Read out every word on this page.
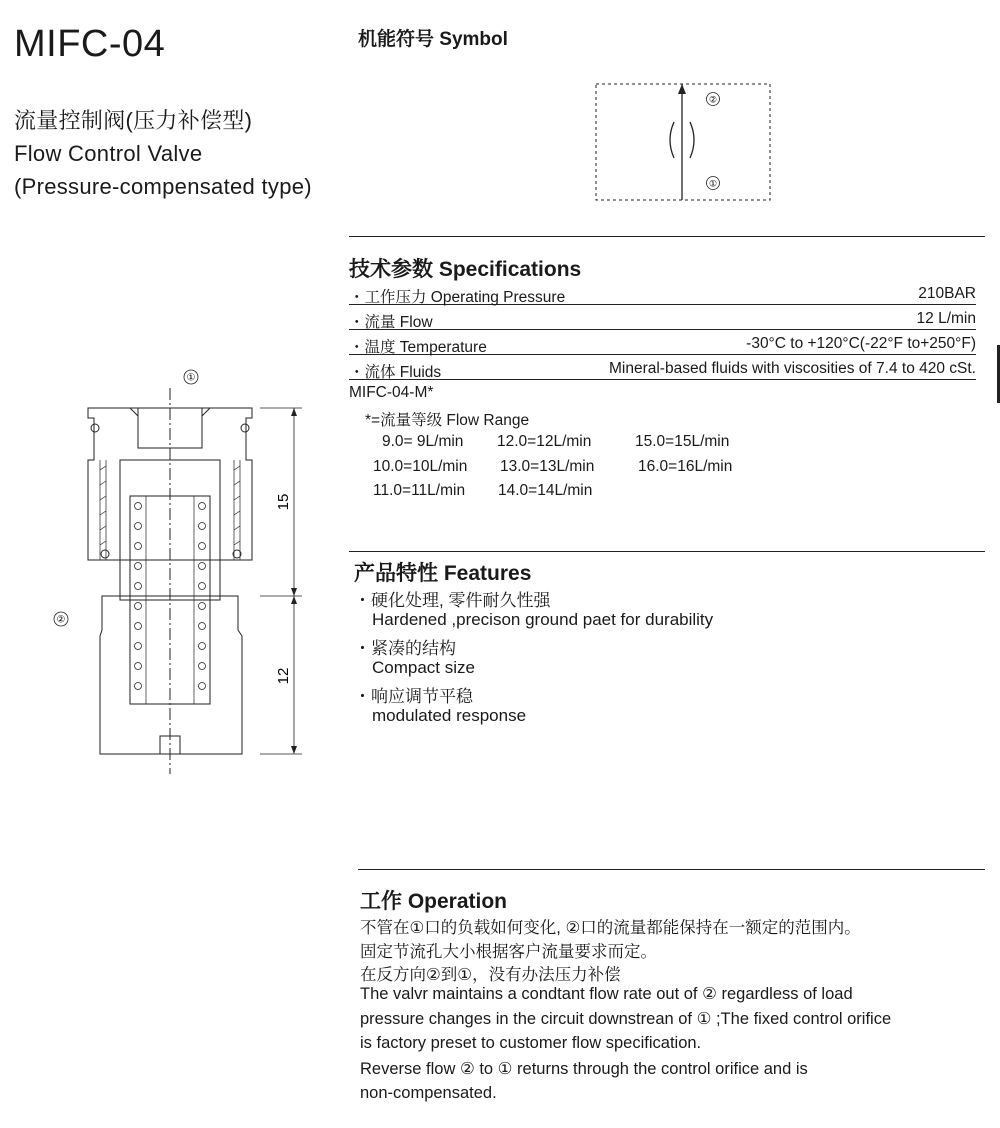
MIFC-04
流量控制阀(压力补偿型)
Flow Control Valve
(Pressure-compensated type)
机能符号 Symbol
②
①
①
②
15
12
技术参数 Specifications
・工作压力 Operating Pressure	210BAR
・流量 Flow	12 L/min
・温度 Temperature	-30°C to +120°C(-22°F to+250°F)
・流体 Fluids	Mineral-based fluids with viscosities of 7.4 to 420 cSt.
MIFC-04-M*
*=流量等级 Flow Range
9.0= 9L/min 12.0=12L/min	15.0=15L/min
10.0=10L/min 13.0=13L/min	16.0=16L/min
11.0=11L/min 14.0=14L/min
产品特性 Features
・硬化处理, 零件耐久性强
Hardened ,precison ground paet for durability
・紧凑的结构
Compact size
・响应调节平稳
modulated response
工作 Operation
不管在①口的负载如何变化, ②口的流量都能保持在一额定的范围内。
固定节流孔大小根据客户流量要求而定。
在反方向②到①，没有办法压力补偿
The valvr maintains a condtant flow rate out of ② regardless of load
pressure changes in the circuit downstrean of ① ;The fixed control orifice
is factory preset to customer flow specification.
Reverse flow ② to ① returns through the control orifice and is
non-compensated.
